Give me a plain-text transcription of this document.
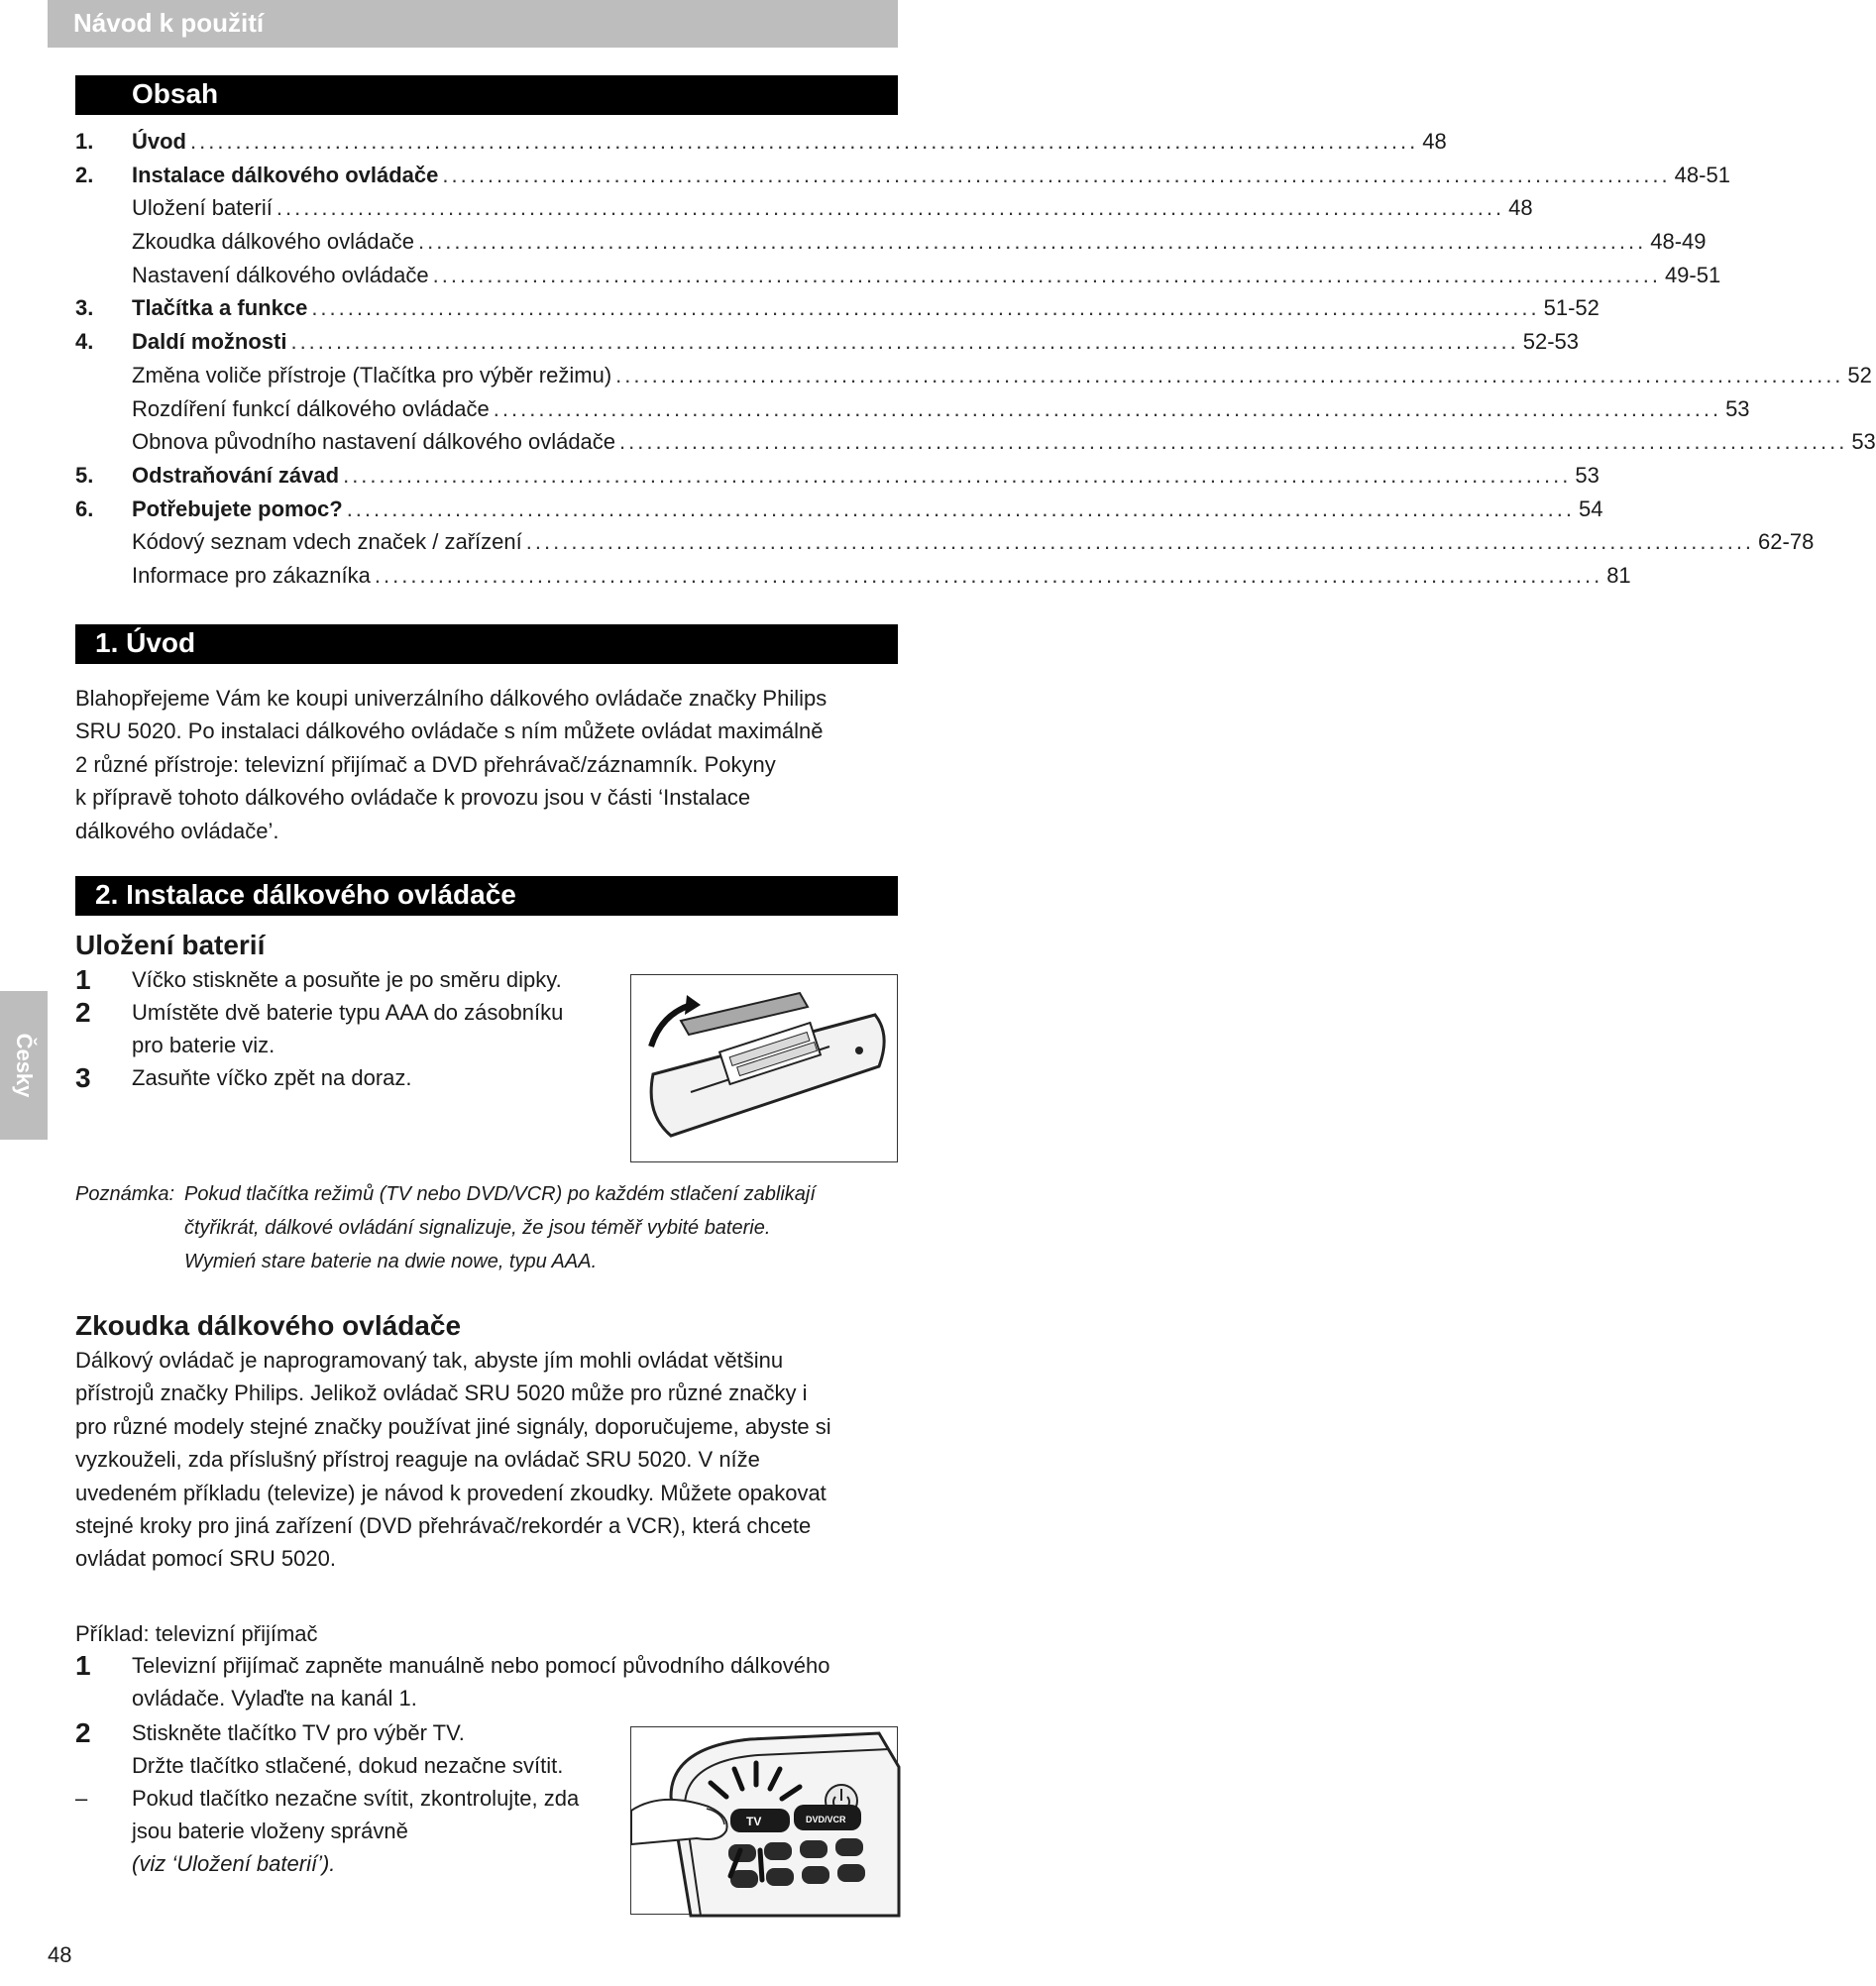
Návod k použití
Obsah
1.	Úvod ........................................................................................................................................ 48
2.	Instalace dálkového ovládače ........................................................................................................................................ 48-51
Uložení baterií ........................................................................................................................................ 48
Zkoudka dálkového ovládače ........................................................................................................................................ 48-49
Nastavení dálkového ovládače ........................................................................................................................................ 49-51
3.	Tlačítka a funkce ........................................................................................................................................ 51-52
4.	Daldí možnosti ........................................................................................................................................ 52-53
Změna voliče přístroje (Tlačítka pro výběr režimu) ........................................................................................................................................ 52
Rozdíření funkcí dálkového ovládače ........................................................................................................................................ 53
Obnova původního nastavení dálkového ovládače ........................................................................................................................................ 53
5.	Odstraňování závad ........................................................................................................................................ 53
6.	Potřebujete pomoc? ........................................................................................................................................ 54
Kódový seznam vdech značek / zařízení ........................................................................................................................................ 62-78
Informace pro zákazníka ........................................................................................................................................ 81
1. Úvod
Blahopřejeme Vám ke koupi univerzálního dálkového ovládače značky Philips
SRU 5020. Po instalaci dálkového ovládače s ním můžete ovládat maximálně
2 různé přístroje: televizní přijímač a DVD přehrávač/záznamník. Pokyny
k přípravě tohoto dálkového ovládače k provozu jsou v části ‘Instalace
dálkového ovládače’.
2. Instalace dálkového ovládače
Uložení baterií
1	Víčko stiskněte a posuňte je po směru dipky.
2	Umístěte dvě baterie typu AAA do zásobníku
pro baterie viz.
3	Zasuňte víčko zpět na doraz.
Poznámka: Pokud tlačítka režimů (TV nebo DVD/VCR) po každém stlačení zablikají
čtyřikrát, dálkové ovládání signalizuje, že jsou téměř vybité baterie.
Wymień stare baterie na dwie nowe, typu AAA.
Zkoudka dálkového ovládače
Dálkový ovládač je naprogramovaný tak, abyste jím mohli ovládat většinu
přístrojů značky Philips. Jelikož ovládač SRU 5020 může pro různé značky i
pro různé modely stejné značky používat jiné signály, doporučujeme, abyste si
vyzkouželi, zda příslušný přístroj reaguje na ovládač SRU 5020. V níže
uvedeném příkladu (televize) je návod k provedení zkoudky. Můžete opakovat
stejné kroky pro jiná zařízení (DVD přehrávač/rekordér a VCR), která chcete
ovládat pomocí SRU 5020.
Příklad: televizní přijímač
1	Televizní přijímač zapněte manuálně nebo pomocí původního dálkového
ovládače. Vylaďte na kanál 1.
2	Stiskněte tlačítko TV pro výběr TV.
Držte tlačítko stlačené, dokud nezačne svítit.
–	Pokud tlačítko nezačne svítit, zkontrolujte, zda
jsou baterie vloženy správně
(viz ‘Uložení baterií’).
TV	DVD/VCR
Česky
48
